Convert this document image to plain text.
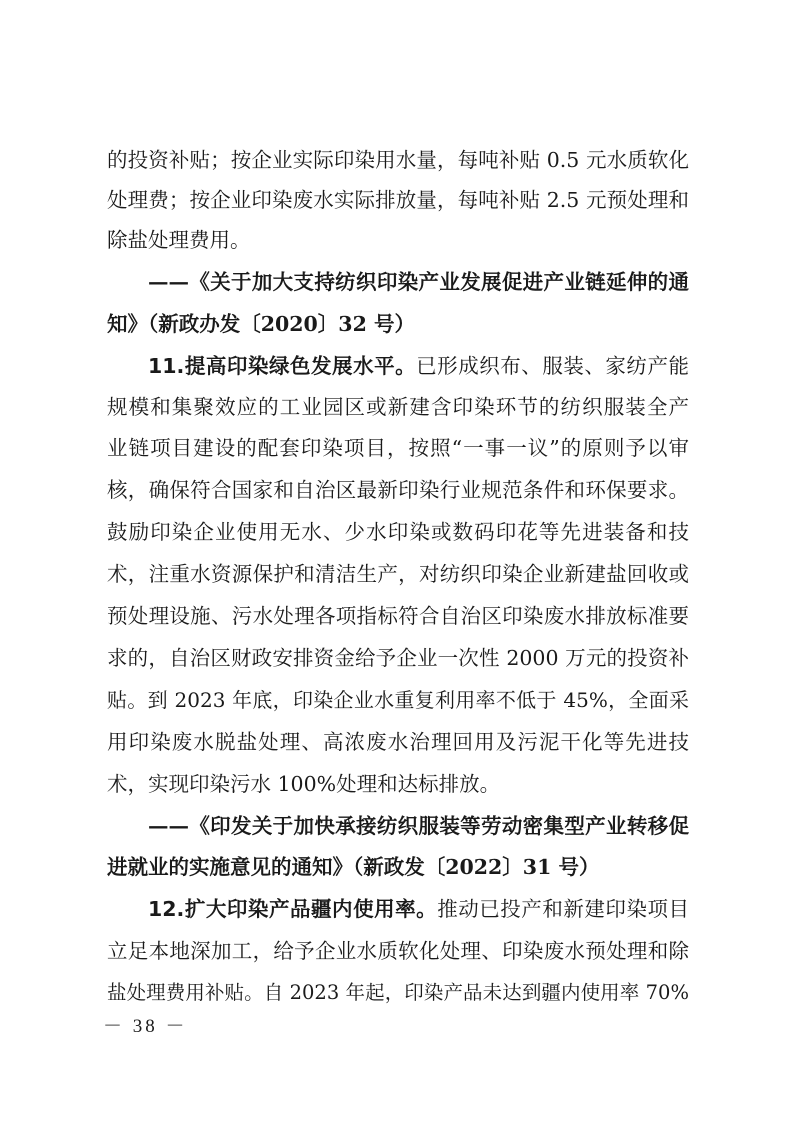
的投资补贴；按企业实际印染用水量，每吨补贴 0.5 元水质软化
处理费；按企业印染废水实际排放量，每吨补贴 2.5 元预处理和
除盐处理费用。
——《关于加大支持纺织印染产业发展促进产业链延伸的通
知》（新政办发〔2020〕32 号）
11.提高印染绿色发展水平。已形成织布、服装、家纺产能
规模和集聚效应的工业园区或新建含印染环节的纺织服装全产
业链项目建设的配套印染项目，按照“一事一议”的原则予以审
核，确保符合国家和自治区最新印染行业规范条件和环保要求。
鼓励印染企业使用无水、少水印染或数码印花等先进装备和技
术，注重水资源保护和清洁生产，对纺织印染企业新建盐回收或
预处理设施、污水处理各项指标符合自治区印染废水排放标准要
求的，自治区财政安排资金给予企业一次性 2000 万元的投资补
贴。到 2023 年底，印染企业水重复利用率不低于 45%，全面采
用印染废水脱盐处理、高浓废水治理回用及污泥干化等先进技
术，实现印染污水 100%处理和达标排放。
——《印发关于加快承接纺织服装等劳动密集型产业转移促
进就业的实施意见的通知》（新政发〔2022〕31 号）
12.扩大印染产品疆内使用率。推动已投产和新建印染项目
立足本地深加工，给予企业水质软化处理、印染废水预处理和除
盐处理费用补贴。自 2023 年起，印染产品未达到疆内使用率 70%
－ 38 －
